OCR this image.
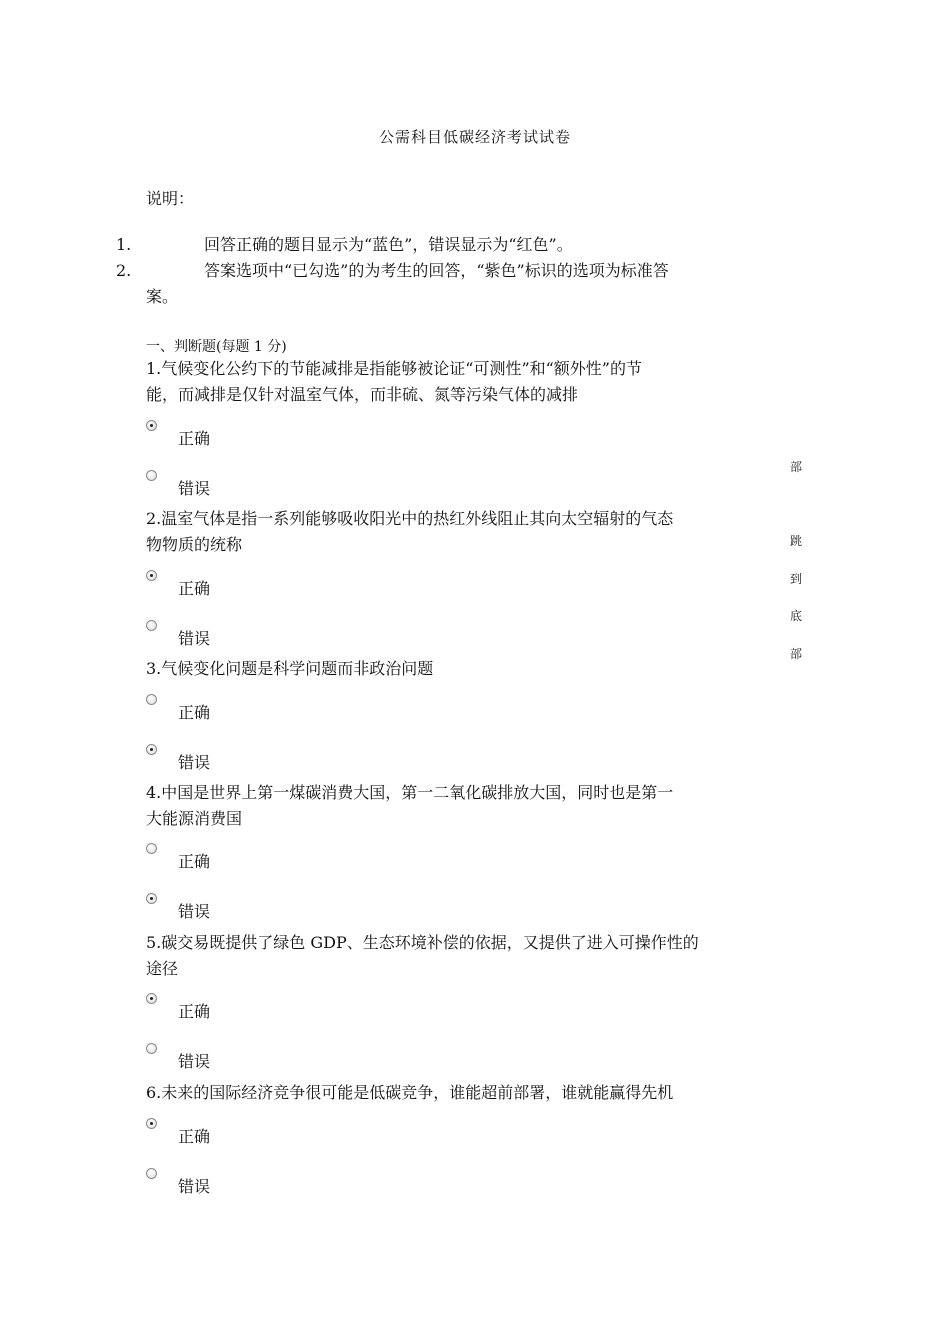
公需科目低碳经济考试试卷
说明：
1.	回答正确的题目显示为“蓝色”，错误显示为“红色”。
2.	答案选项中“已勾选”的为考生的回答，“紫色”标识的选项为标准答
案。
一、判断题(每题 1 分)
1.气候变化公约下的节能减排是指能够被论证“可测性”和“额外性”的节
能，而减排是仅针对温室气体，而非硫、氮等污染气体的减排
正确
错误
2.温室气体是指一系列能够吸收阳光中的热红外线阻止其向太空辐射的气态
物物质的统称
正确
错误
3.气候变化问题是科学问题而非政治问题
正确
错误
4.中国是世界上第一煤碳消费大国，第一二氧化碳排放大国，同时也是第一
大能源消费国
正确
错误
5.碳交易既提供了绿色 GDP、生态环境补偿的依据，又提供了进入可操作性的
途径
正确
错误
6.未来的国际经济竞争很可能是低碳竞争，谁能超前部署，谁就能赢得先机
正确
错误
部
跳
到
底
部
